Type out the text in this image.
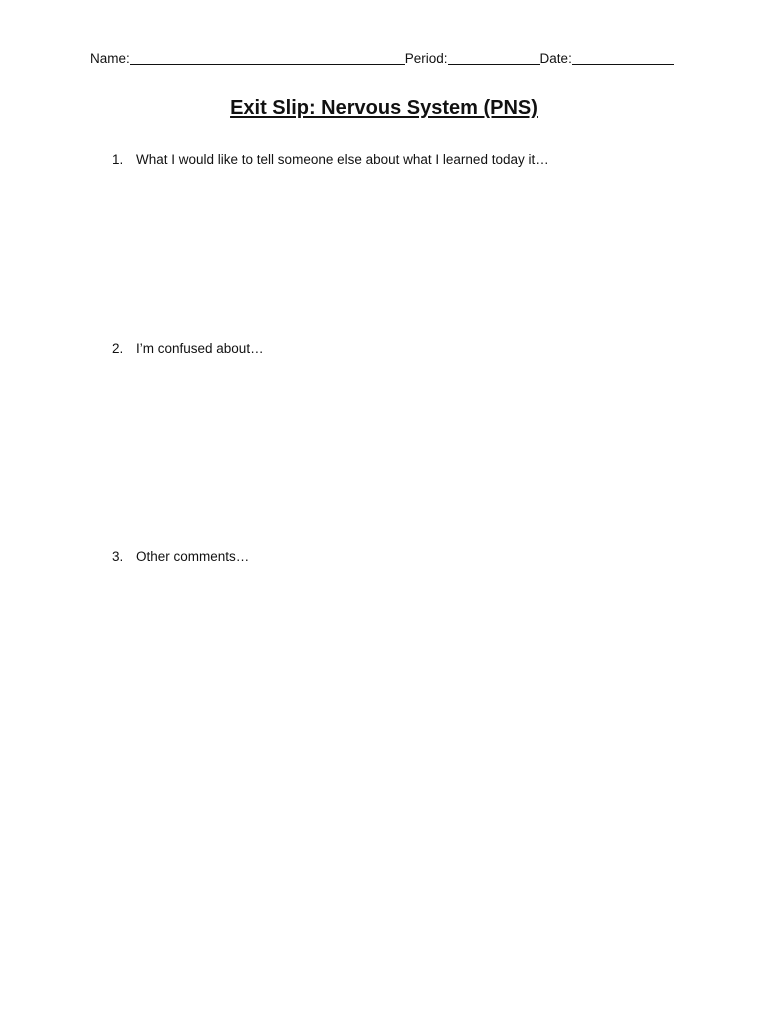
Name:	Period:	Date:
Exit Slip: Nervous System (PNS)
1. What I would like to tell someone else about what I learned today it…
2. I’m confused about…
3. Other comments…
